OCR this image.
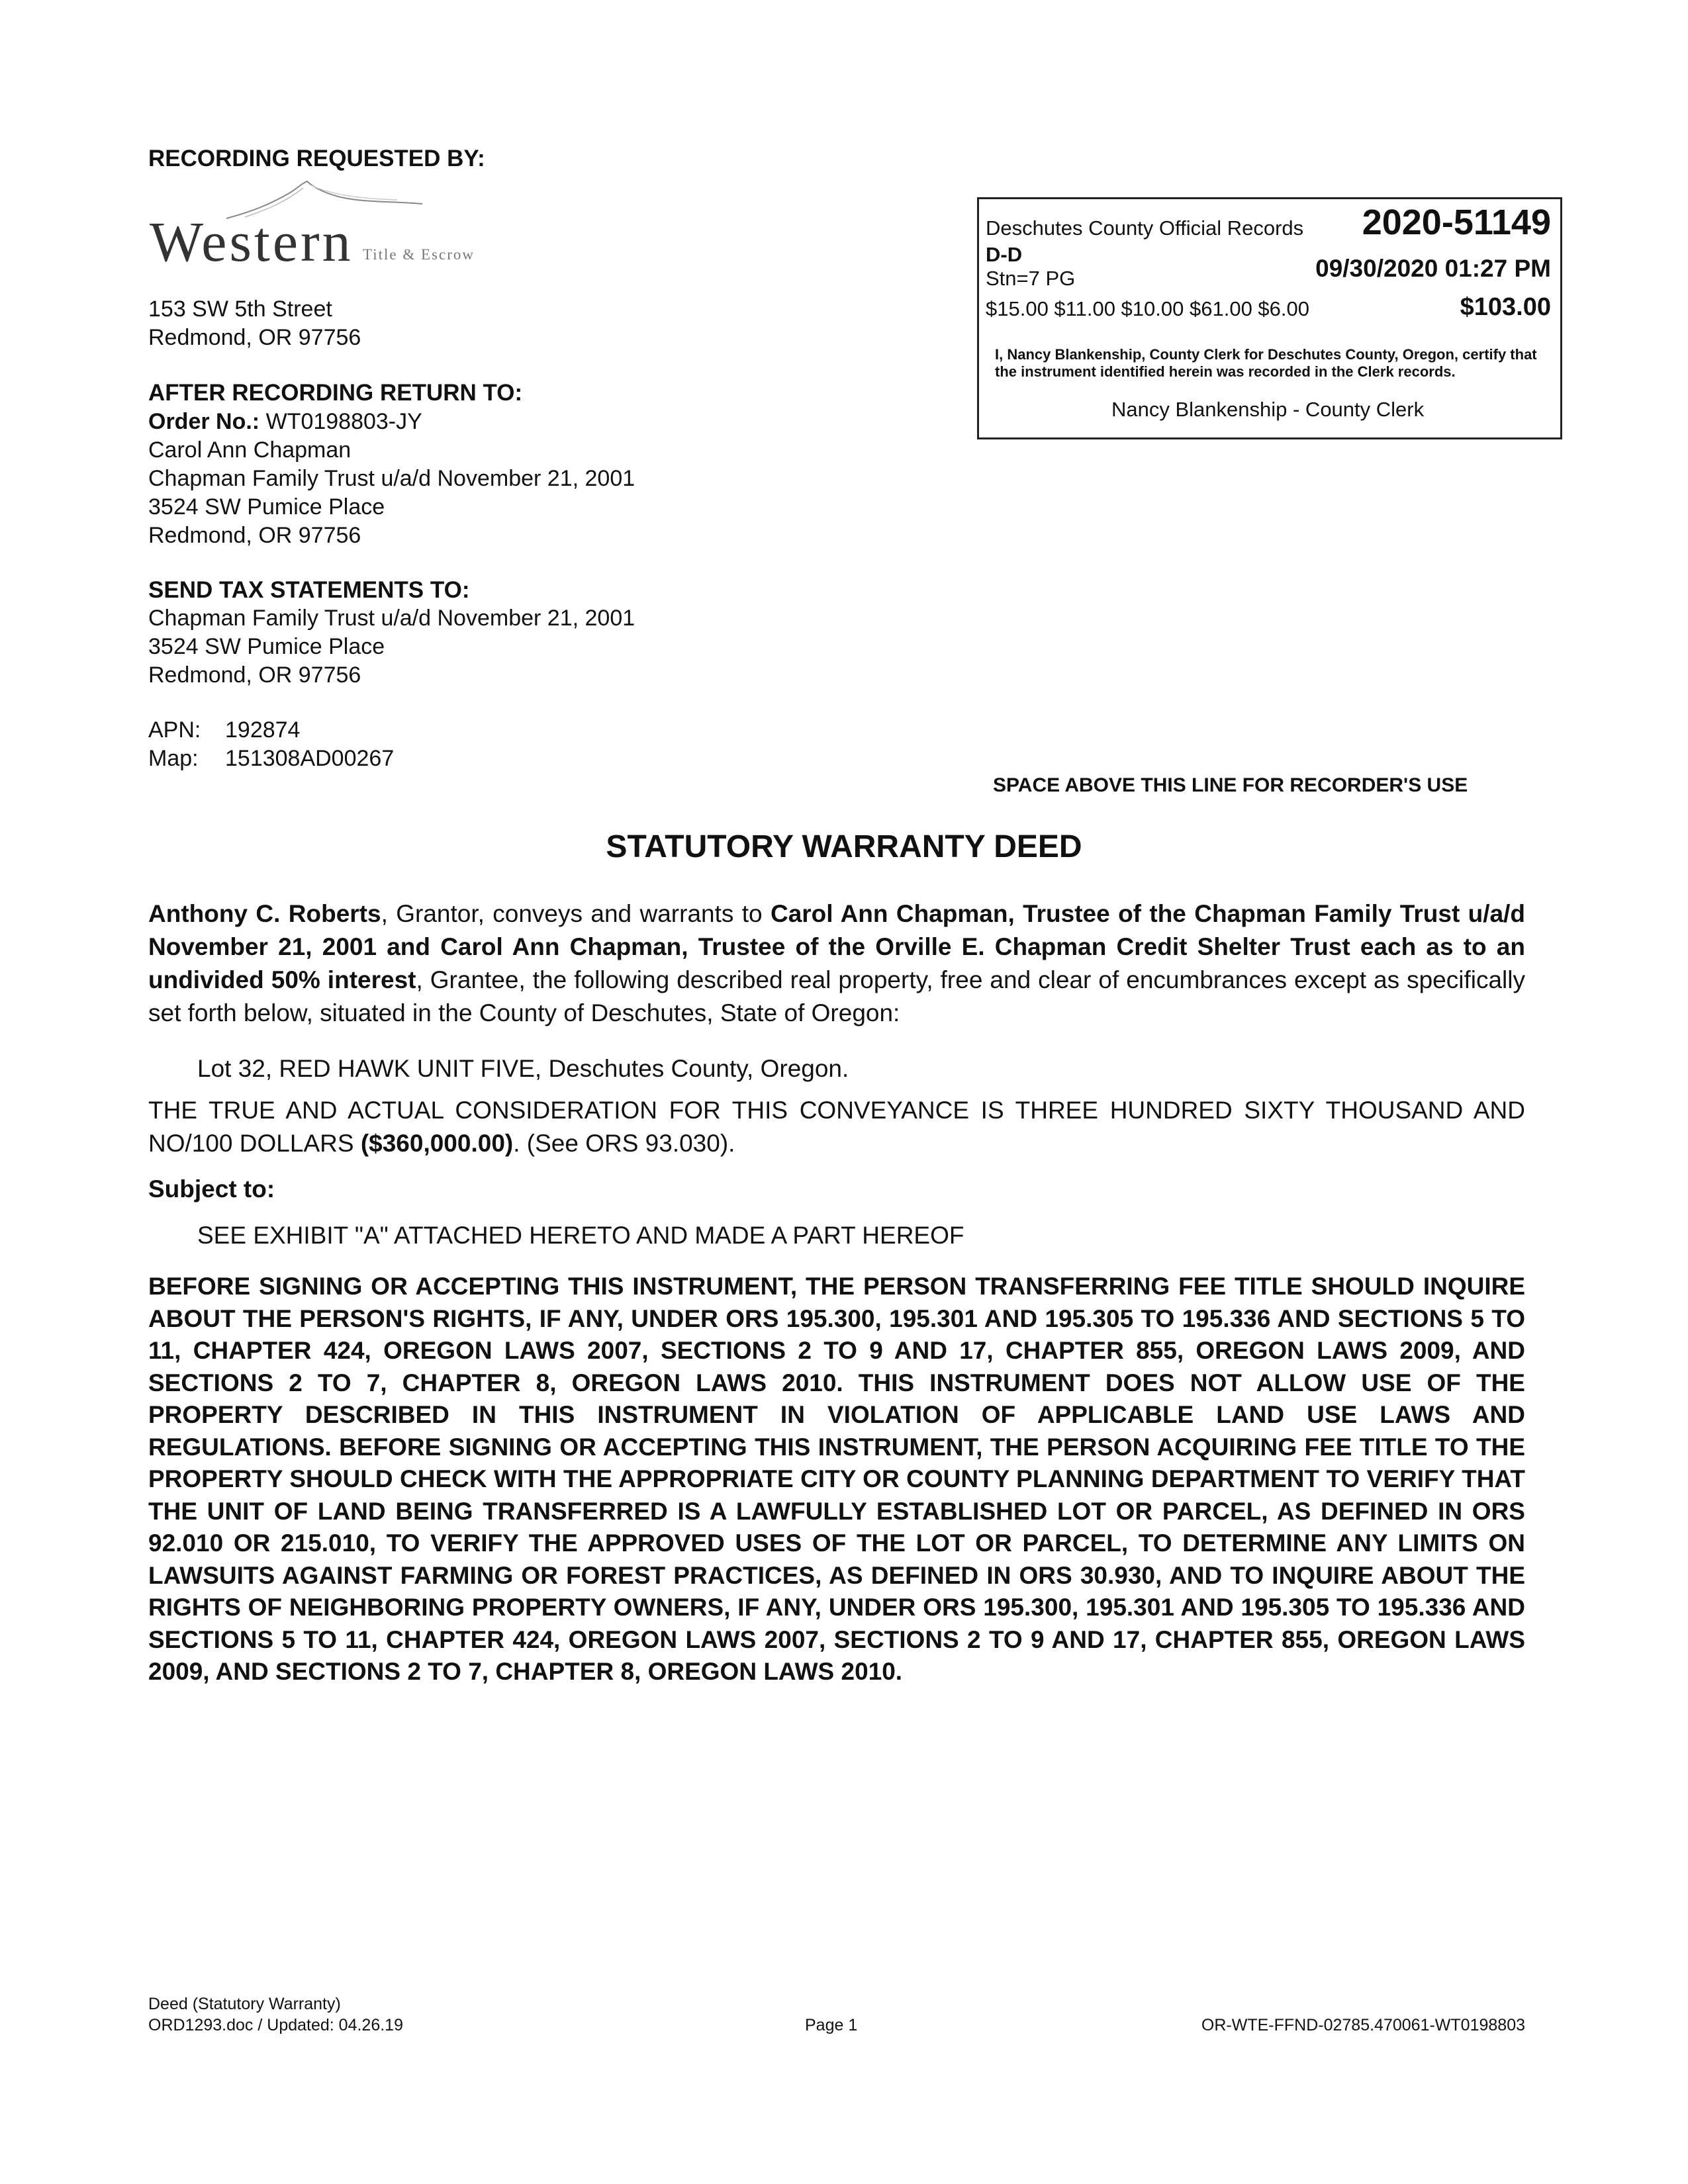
RECORDING REQUESTED BY:
Western Title & Escrow
153 SW 5th Street
Redmond, OR 97756
AFTER RECORDING RETURN TO:
Order No.: WT0198803-JY
Carol Ann Chapman
Chapman Family Trust u/a/d November 21, 2001
3524 SW Pumice Place
Redmond, OR 97756
SEND TAX STATEMENTS TO:
Chapman Family Trust u/a/d November 21, 2001
3524 SW Pumice Place
Redmond, OR 97756
APN: 192874
Map: 151308AD00267
Deschutes County Official Records 2020-51149
D-D
Stn=7 PG	09/30/2020 01:27 PM
$15.00 $11.00 $10.00 $61.00 $6.00	$103.00
I, Nancy Blankenship, County Clerk for Deschutes County, Oregon, certify that the instrument identified herein was recorded in the Clerk records.
Nancy Blankenship - County Clerk
SPACE ABOVE THIS LINE FOR RECORDER'S USE
STATUTORY WARRANTY DEED
Anthony C. Roberts, Grantor, conveys and warrants to Carol Ann Chapman, Trustee of the Chapman Family Trust u/a/d November 21, 2001 and Carol Ann Chapman, Trustee of the Orville E. Chapman Credit Shelter Trust each as to an undivided 50% interest, Grantee, the following described real property, free and clear of encumbrances except as specifically set forth below, situated in the County of Deschutes, State of Oregon:
Lot 32, RED HAWK UNIT FIVE, Deschutes County, Oregon.
THE TRUE AND ACTUAL CONSIDERATION FOR THIS CONVEYANCE IS THREE HUNDRED SIXTY THOUSAND AND NO/100 DOLLARS ($360,000.00). (See ORS 93.030).
Subject to:
SEE EXHIBIT "A" ATTACHED HERETO AND MADE A PART HEREOF
BEFORE SIGNING OR ACCEPTING THIS INSTRUMENT, THE PERSON TRANSFERRING FEE TITLE SHOULD INQUIRE ABOUT THE PERSON'S RIGHTS, IF ANY, UNDER ORS 195.300, 195.301 AND 195.305 TO 195.336 AND SECTIONS 5 TO 11, CHAPTER 424, OREGON LAWS 2007, SECTIONS 2 TO 9 AND 17, CHAPTER 855, OREGON LAWS 2009, AND SECTIONS 2 TO 7, CHAPTER 8, OREGON LAWS 2010. THIS INSTRUMENT DOES NOT ALLOW USE OF THE PROPERTY DESCRIBED IN THIS INSTRUMENT IN VIOLATION OF APPLICABLE LAND USE LAWS AND REGULATIONS. BEFORE SIGNING OR ACCEPTING THIS INSTRUMENT, THE PERSON ACQUIRING FEE TITLE TO THE PROPERTY SHOULD CHECK WITH THE APPROPRIATE CITY OR COUNTY PLANNING DEPARTMENT TO VERIFY THAT THE UNIT OF LAND BEING TRANSFERRED IS A LAWFULLY ESTABLISHED LOT OR PARCEL, AS DEFINED IN ORS 92.010 OR 215.010, TO VERIFY THE APPROVED USES OF THE LOT OR PARCEL, TO DETERMINE ANY LIMITS ON LAWSUITS AGAINST FARMING OR FOREST PRACTICES, AS DEFINED IN ORS 30.930, AND TO INQUIRE ABOUT THE RIGHTS OF NEIGHBORING PROPERTY OWNERS, IF ANY, UNDER ORS 195.300, 195.301 AND 195.305 TO 195.336 AND SECTIONS 5 TO 11, CHAPTER 424, OREGON LAWS 2007, SECTIONS 2 TO 9 AND 17, CHAPTER 855, OREGON LAWS 2009, AND SECTIONS 2 TO 7, CHAPTER 8, OREGON LAWS 2010.
Deed (Statutory Warranty)
ORD1293.doc / Updated: 04.26.19	Page 1	OR-WTE-FFND-02785.470061-WT0198803
